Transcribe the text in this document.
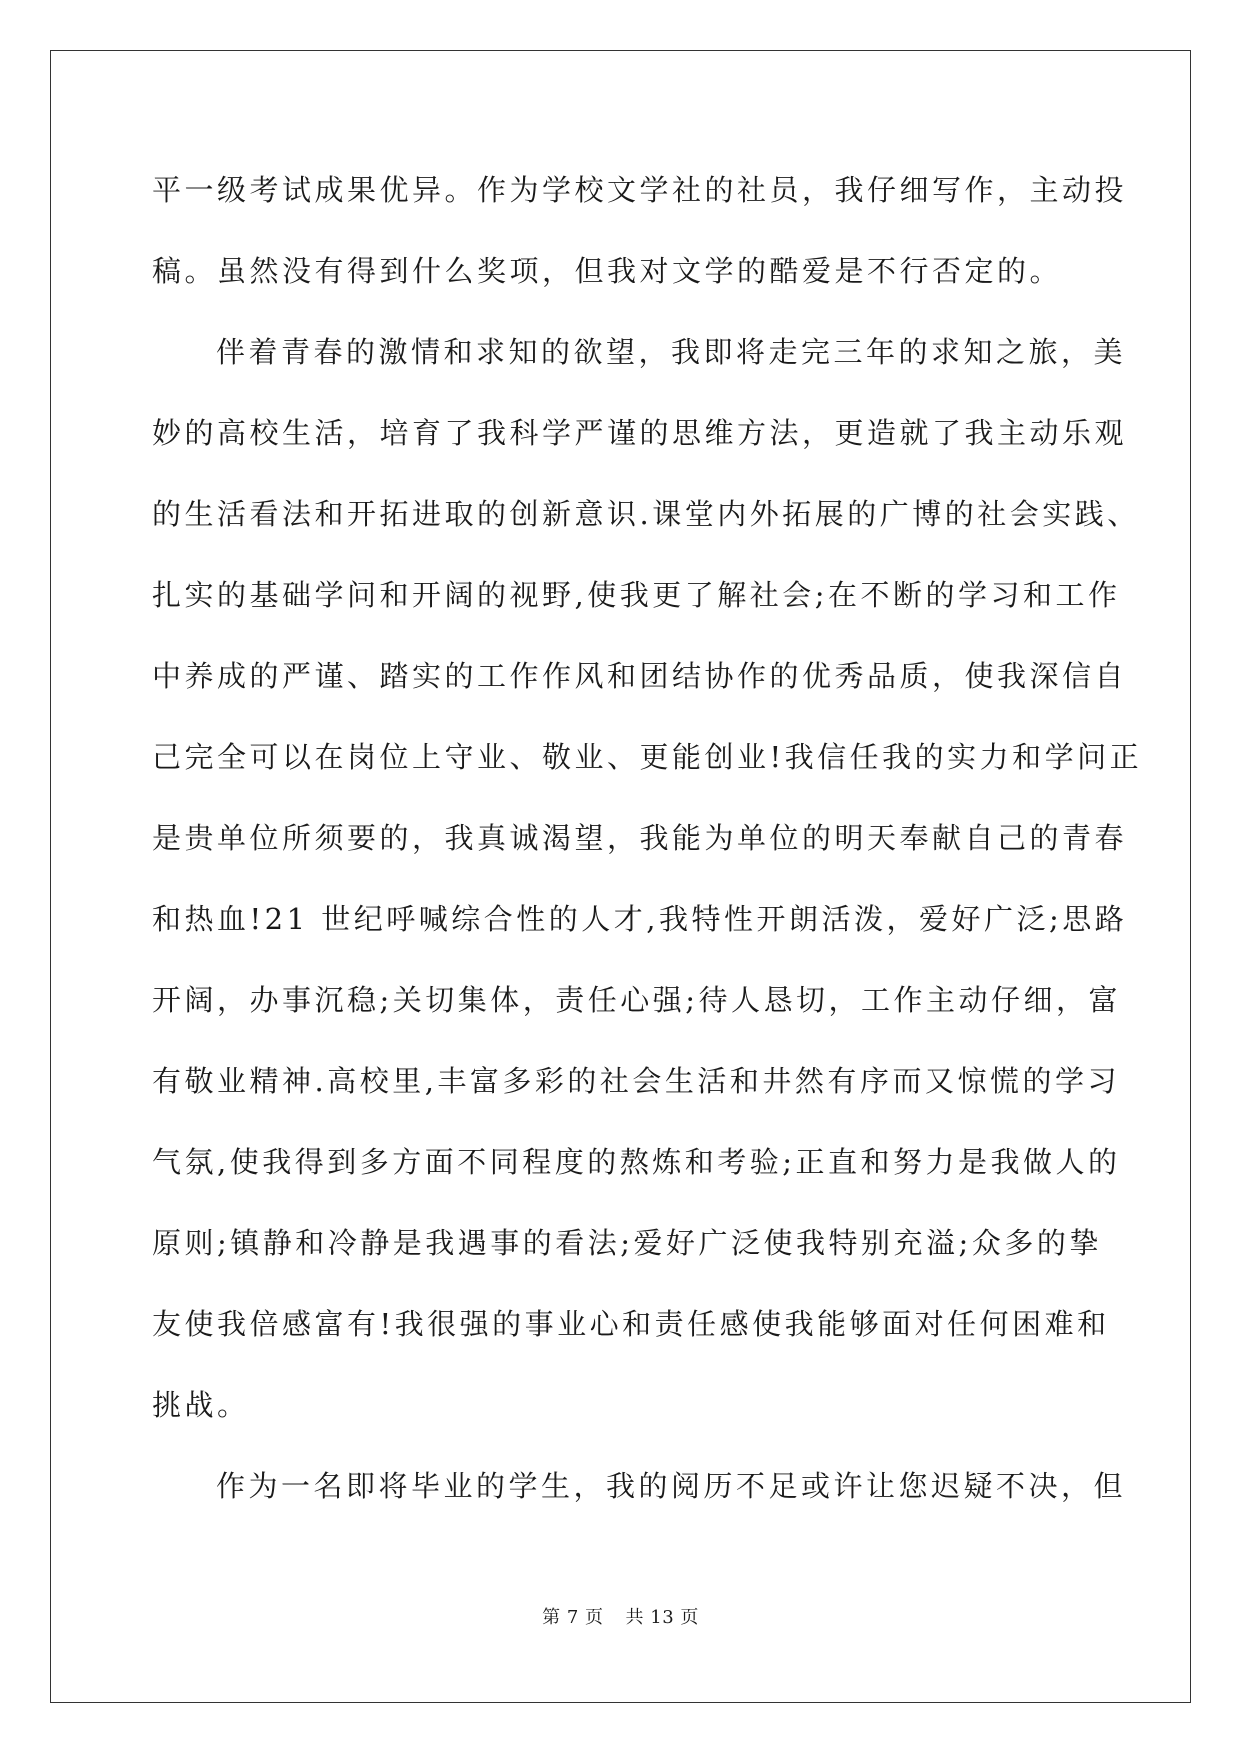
平一级考试成果优异。作为学校文学社的社员，我仔细写作，主动投
稿。虽然没有得到什么奖项，但我对文学的酷爱是不行否定的。
伴着青春的激情和求知的欲望，我即将走完三年的求知之旅，美
妙的高校生活，培育了我科学严谨的思维方法，更造就了我主动乐观
的生活看法和开拓进取的创新意识.课堂内外拓展的广博的社会实践、
扎实的基础学问和开阔的视野,使我更了解社会;在不断的学习和工作
中养成的严谨、踏实的工作作风和团结协作的优秀品质，使我深信自
己完全可以在岗位上守业、敬业、更能创业!我信任我的实力和学问正
是贵单位所须要的，我真诚渴望，我能为单位的明天奉献自己的青春
和热血!21 世纪呼喊综合性的人才,我特性开朗活泼，爱好广泛;思路
开阔，办事沉稳;关切集体，责任心强;待人恳切，工作主动仔细，富
有敬业精神.高校里,丰富多彩的社会生活和井然有序而又惊慌的学习
气氛,使我得到多方面不同程度的熬炼和考验;正直和努力是我做人的
原则;镇静和冷静是我遇事的看法;爱好广泛使我特别充溢;众多的挚
友使我倍感富有!我很强的事业心和责任感使我能够面对任何困难和
挑战。
作为一名即将毕业的学生，我的阅历不足或许让您迟疑不决，但
第 7 页 共 13 页
